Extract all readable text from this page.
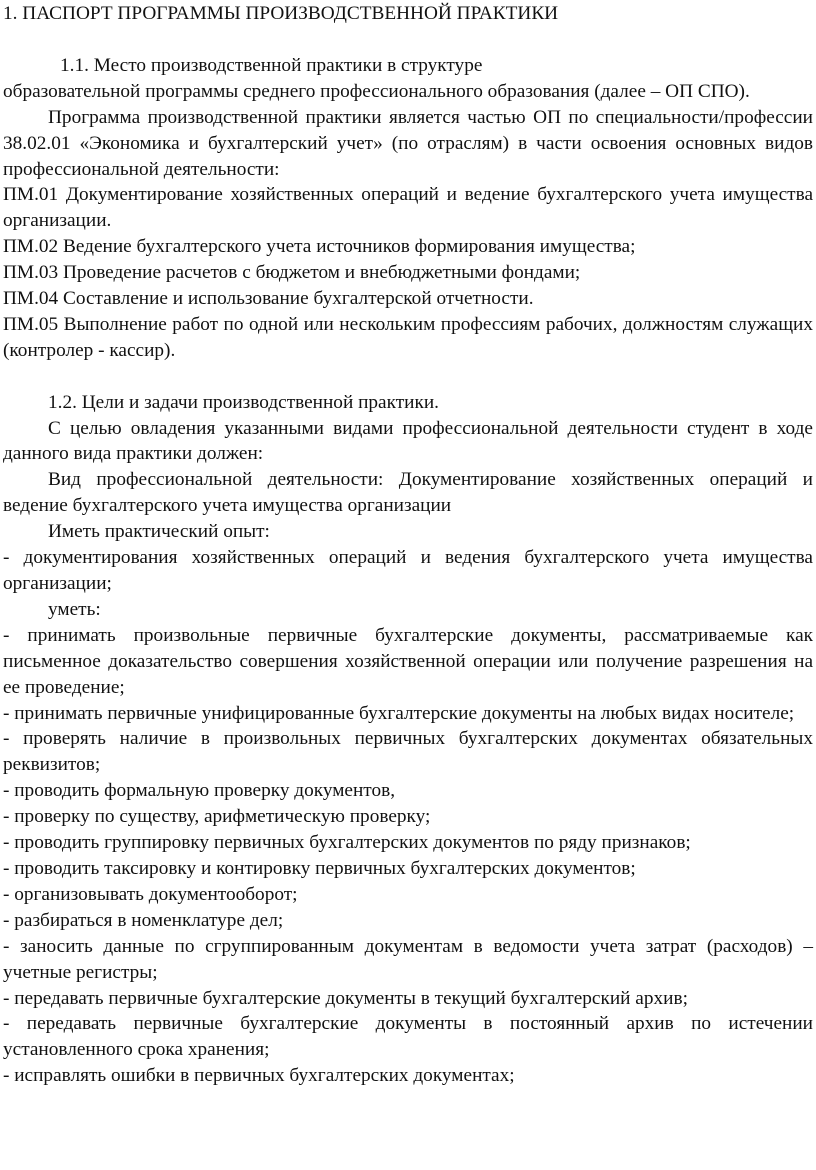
1. ПАСПОРТ ПРОГРАММЫ ПРОИЗВОДСТВЕННОЙ ПРАКТИКИ

1.1. Место производственной практики в структуре

образовательной программы среднего профессионального образования (далее – ОП СПО).

Программа производственной практики является частью ОП по специальности/профессии 38.02.01 «Экономика и бухгалтерский учет» (по отраслям) в части освоения основных видов профессиональной деятельности:

ПМ.01 Документирование хозяйственных операций и ведение бухгалтерского учета имущества организации.

ПМ.02 Ведение бухгалтерского учета источников формирования имущества;

ПМ.03 Проведение расчетов с бюджетом и внебюджетными фондами;

ПМ.04 Составление и использование бухгалтерской отчетности.

ПМ.05 Выполнение работ по одной или нескольким профессиям рабочих, должностям служащих (контролер - кассир).

1.2. Цели и задачи производственной практики.

С целью овладения указанными видами профессиональной деятельности студент в ходе данного вида практики должен:

Вид профессиональной деятельности: Документирование хозяйственных операций и ведение бухгалтерского учета имущества организации

Иметь практический опыт:

- документирования хозяйственных операций и ведения бухгалтерского учета имущества организации;

уметь:

- принимать произвольные первичные бухгалтерские документы, рассматриваемые как письменное доказательство совершения хозяйственной операции или получение разрешения на ее проведение;

- принимать первичные унифицированные бухгалтерские документы на любых видах носителе;

- проверять наличие в произвольных первичных бухгалтерских документах обязательных реквизитов;

- проводить формальную проверку документов,

- проверку по существу, арифметическую проверку;

- проводить группировку первичных бухгалтерских документов по ряду признаков;

- проводить таксировку и контировку первичных бухгалтерских документов;

- организовывать документооборот;

- разбираться в номенклатуре дел;

- заносить данные по сгруппированным документам в ведомости учета затрат (расходов) – учетные регистры;

- передавать первичные бухгалтерские документы в текущий бухгалтерский архив;

- передавать первичные бухгалтерские документы в постоянный архив по истечении установленного срока хранения;

- исправлять ошибки в первичных бухгалтерских документах;
